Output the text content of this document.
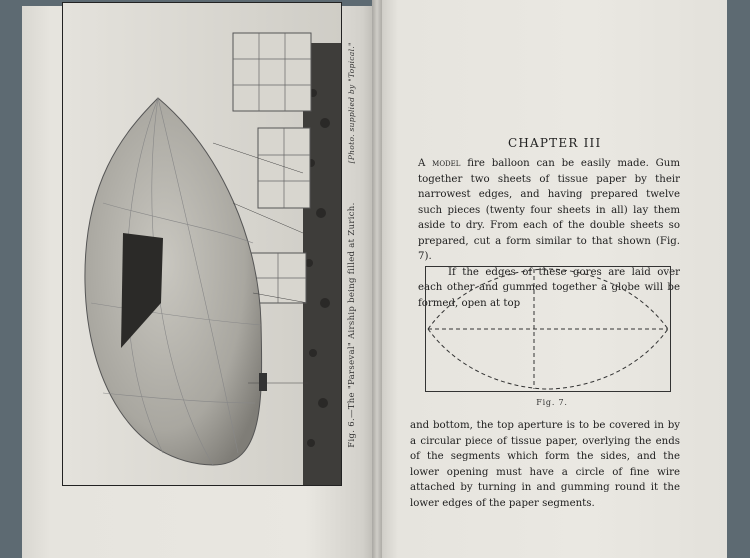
Fig. 6.—The "Parseval" Airship being filled at Zurich. [Photo. supplied by "Topical."	CHAPTER III

A model fire balloon can be easily made. Gum together two sheets of tissue paper by their narrowest edges, and having prepared twelve such pieces (twenty four sheets in all) lay them aside to dry. From each of the double sheets so prepared, cut a form similar to that shown (Fig. 7).

If the edges of these gores are laid over each other and gummed together a globe will be formed, open at top

Fig. 7.

and bottom, the top aperture is to be covered in by a circular piece of tissue paper, overlying the ends of the segments which form the sides, and the lower opening must have a circle of fine wire attached by turning in and gumming round it the lower edges of the paper segments.
